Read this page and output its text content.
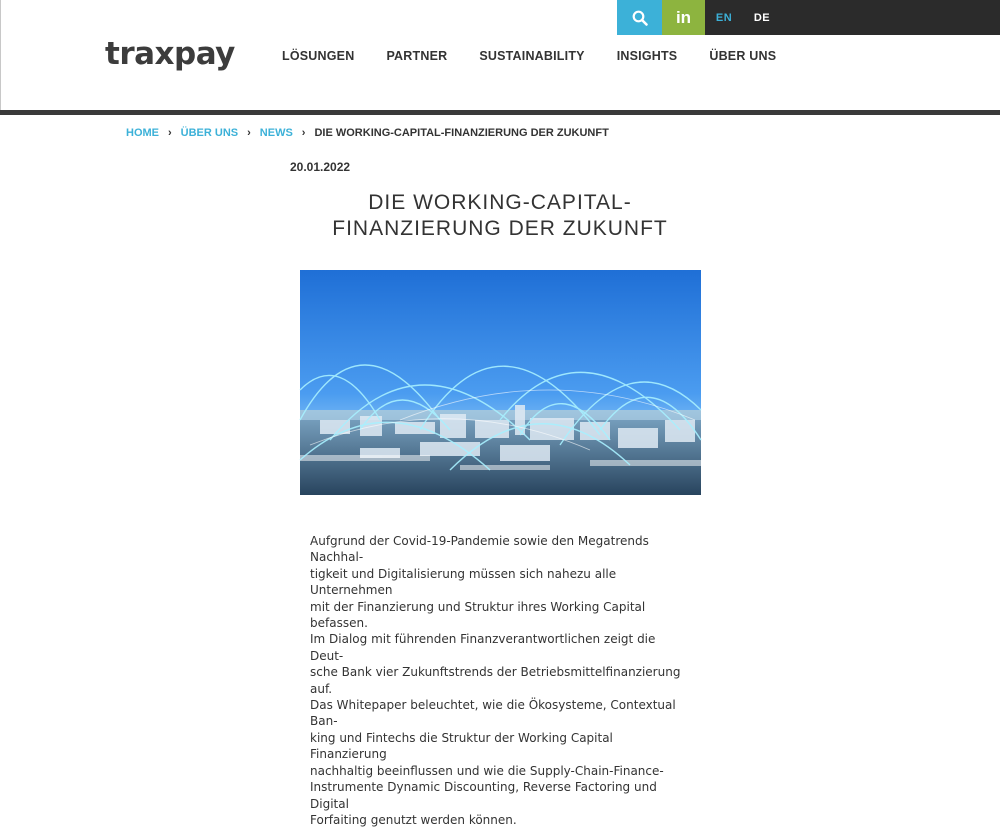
in	EN	DE
traxpay	LÖSUNGEN	PARTNER	SUSTAINABILITY	INSIGHTS	ÜBER UNS
HOME › ÜBER UNS › NEWS › DIE WORKING-CAPITAL-FINANZIERUNG DER ZUKUNFT
20.01.2022
DIE WORKING-CAPITAL-
FINANZIERUNG DER ZUKUNFT
Aufgrund der Covid-19-Pandemie sowie den Megatrends Nachhal-
tigkeit und Digitalisierung müssen sich nahezu alle Unternehmen
mit der Finanzierung und Struktur ihres Working Capital befassen.
Im Dialog mit führenden Finanzverantwortlichen zeigt die Deut-
sche Bank vier Zukunftstrends der Betriebsmittelfinanzierung auf.
Das Whitepaper beleuchtet, wie die Ökosysteme, Contextual Ban-
king und Fintechs die Struktur der Working Capital Finanzierung
nachhaltig beeinflussen und wie die Supply-Chain-Finance-
Instrumente Dynamic Discounting, Reverse Factoring und Digital
Forfaiting genutzt werden können.
